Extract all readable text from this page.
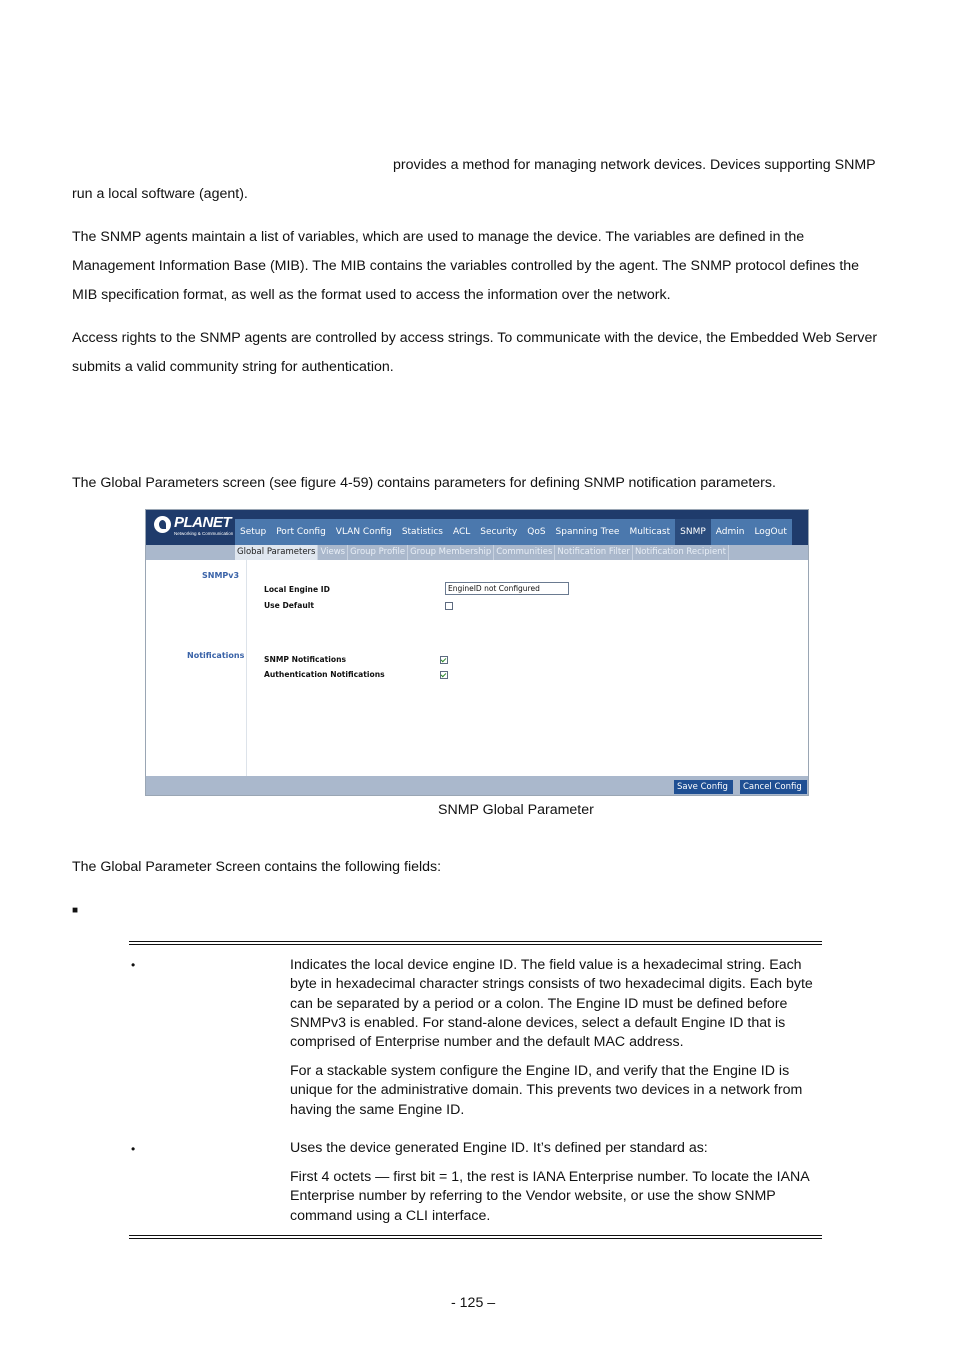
provides a method for managing network devices. Devices supporting SNMP
run a local software (agent).

The SNMP agents maintain a list of variables, which are used to manage the device. The variables are defined in the Management Information Base (MIB). The MIB contains the variables controlled by the agent. The SNMP protocol defines the MIB specification format, as well as the format used to access the information over the network.

Access rights to the SNMP agents are controlled by access strings. To communicate with the device, the Embedded Web Server submits a valid community string for authentication.

The Global Parameters screen (see figure 4-59) contains parameters for defining SNMP notification parameters.

PLANET
Networking & Communication Setup	Port Config	VLAN Config	Statistics	ACL	Security	QoS	Spanning Tree	Multicast	SNMP	Admin	LogOut
Global Parameters Views Group Profile Group Membership Communities Notification Filter Notification Recipient
SNMPv3
Notifications
Local Engine ID	EngineID not Configured
Use Default
SNMP Notifications
Authentication Notifications
Save Config	Cancel Config
SNMP Global Parameter

The Global Parameter Screen contains the following fields:

■
•	Indicates the local device engine ID. The field value is a hexadecimal string. Each byte in hexadecimal character strings consists of two hexadecimal digits. Each byte can be separated by a period or a colon. The Engine ID must be defined before SNMPv3 is enabled. For stand-alone devices, select a default Engine ID that is comprised of Enterprise number and the default MAC address.

For a stackable system configure the Engine ID, and verify that the Engine ID is unique for the administrative domain. This prevents two devices in a network from having the same Engine ID.

•	Uses the device generated Engine ID. It’s defined per standard as:

First 4 octets — first bit = 1, the rest is IANA Enterprise number. To locate the IANA Enterprise number by referring to the Vendor website, or use the show SNMP command using a CLI interface.

- 125 –
